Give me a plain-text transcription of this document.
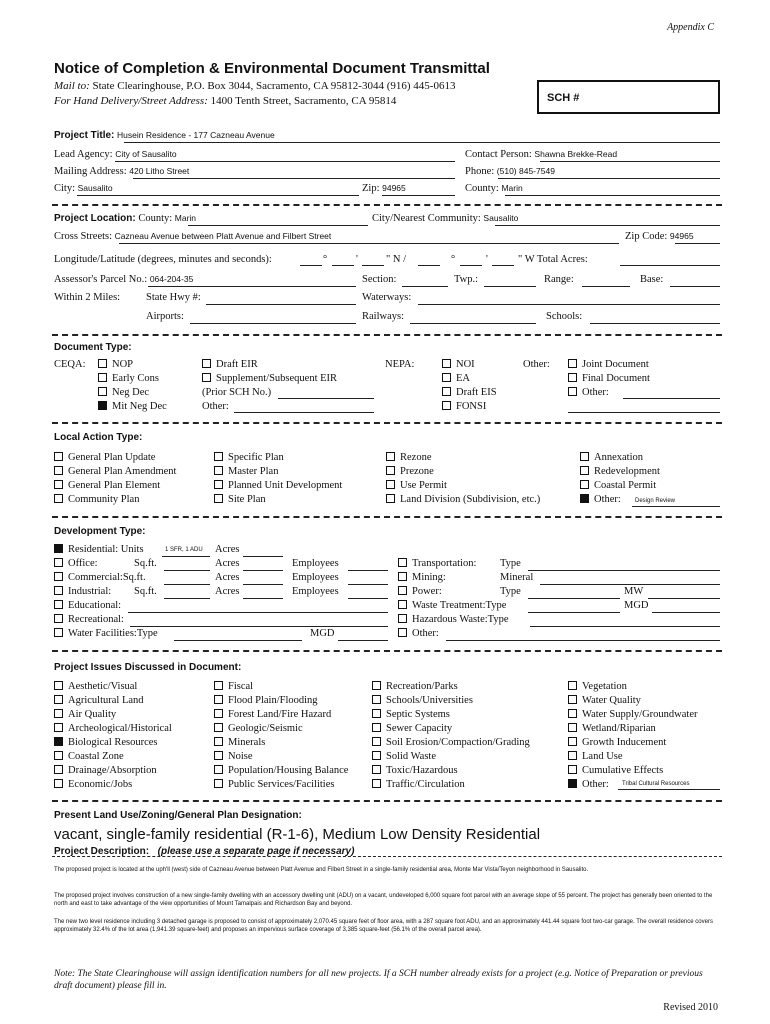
Appendix C
Notice of Completion & Environmental Document Transmittal
Mail to: State Clearinghouse, P.O. Box 3044, Sacramento, CA 95812-3044 (916) 445-0613
For Hand Delivery/Street Address: 1400 Tenth Street, Sacramento, CA 95814	SCH #
Project Title: Husein Residence - 177 Cazneau Avenue
Lead Agency: City of Sausalito	Contact Person: Shawna Brekke-Read
Mailing Address: 420 Litho Street	Phone: (510) 845-7549
City: Sausalito	Zip: 94965	County: Marin
Project Location: County: Marin	City/Nearest Community: Sausalito
Cross Streets: Cazneau Avenue between Platt Avenue and Filbert Street	Zip Code: 94965
Longitude/Latitude (degrees, minutes and seconds):	°	'	" N /	°	'	" W Total Acres:
Assessor's Parcel No.: 064-204-35	Section:	Twp.:	Range:	Base:
Within 2 Miles: State Hwy #:	Waterways:
Airports:	Railways:	Schools:
Document Type:
CEQA:	NOP
Early Cons
Neg Dec
Mit Neg Dec
Draft EIR
Supplement/Subsequent EIR
(Prior SCH No.)
Other:
NEPA:	NOI
EA
Draft EIS
FONSI
Other:	Joint Document
Final Document
Other:
Local Action Type:
General Plan Update
General Plan Amendment
General Plan Element
Community Plan
Specific Plan
Master Plan
Planned Unit Development
Site Plan
Rezone
Prezone
Use Permit
Land Division (Subdivision, etc.)
Annexation
Redevelopment
Coastal Permit
Other: Design Review
Development Type:
Residential: Units	1 SFR, 1 ADU Acres
Office:	Sq.ft.	Acres	Employees
Commercial:Sq.ft.	Acres	Employees
Industrial: Sq.ft.	Acres	Employees
Educational:
Recreational:
Water Facilities:Type	MGD
Transportation: Type
Mining:	Mineral
Power:	Type	MW
Waste Treatment:Type	MGD
Hazardous Waste:Type
Other:
Project Issues Discussed in Document:
Aesthetic/Visual
Agricultural Land
Air Quality
Archeological/Historical
Biological Resources
Coastal Zone
Drainage/Absorption
Economic/Jobs
Fiscal
Flood Plain/Flooding
Forest Land/Fire Hazard
Geologic/Seismic
Minerals
Noise
Population/Housing Balance
Public Services/Facilities
Recreation/Parks
Schools/Universities
Septic Systems
Sewer Capacity
Soil Erosion/Compaction/Grading
Solid Waste
Toxic/Hazardous
Traffic/Circulation
Vegetation
Water Quality
Water Supply/Groundwater
Wetland/Riparian
Growth Inducement
Land Use
Cumulative Effects
Other: Tribal Cultural Resources
Present Land Use/Zoning/General Plan Designation:
vacant, single-family residential (R-1-6), Medium Low Density Residential
Project Description: (please use a separate page if necessary)
The proposed project is located at the uph'll (west) side of Cazneau Avenue between Platt Avenue and Filbert Street in a single-family residential area, Monte Mar Vista/Teyon neighborhood in Sausalito.
The proposed project involves construction of a new single-family dwelling with an accessory dwelling unit (ADU) on a vacant, undeveloped 6,000 square foot parcel with an average slope of 55 percent. The project has generally been oriented to the north and east to take advantage of the view opportunities of Mount Tamalpais and Richardson Bay and beyond.
The new two level residence including 3 detached garage is proposed to consist of approximately 2,070.45 square feet of floor area, with a 287 square foot ADU, and an approximately 441.44 square foot two-car garage. The overall residence covers approximately 32.4% of the lot area (1,941.39 square-feet) and proposes an impervious surface coverage of 3,385 square-feet (56.1% of the overall parcel area).
Note: The State Clearinghouse will assign identification numbers for all new projects. If a SCH number already exists for a project (e.g. Notice of Preparation or previous draft document) please fill in.
Revised 2010
